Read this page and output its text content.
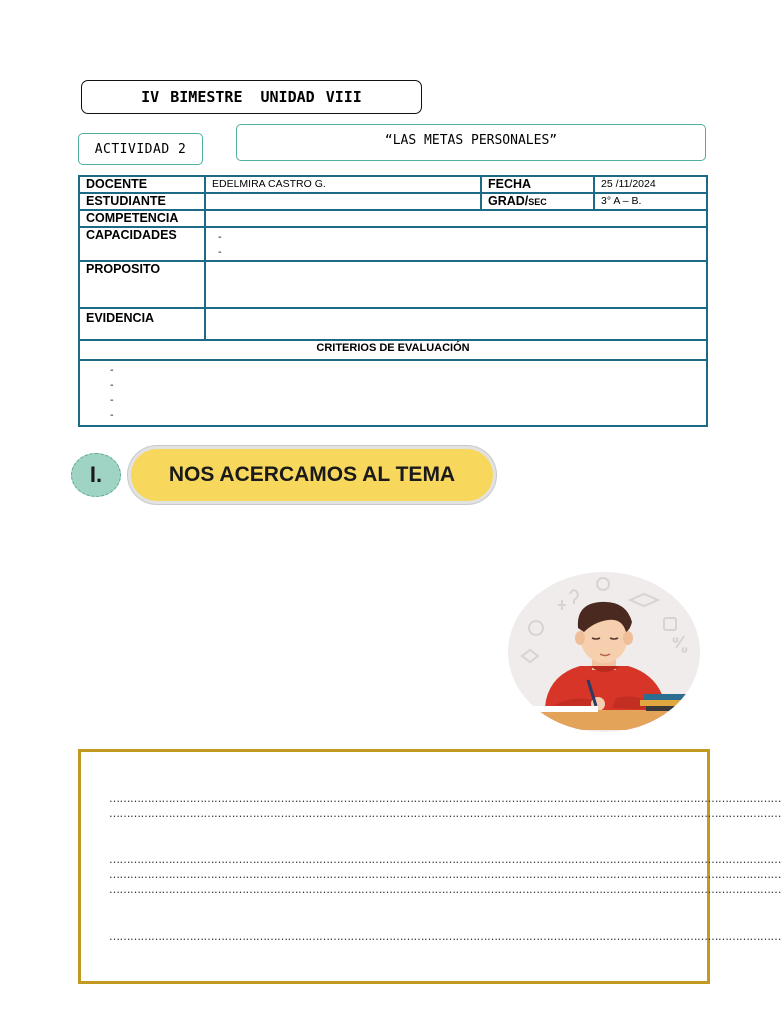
IV BIMESTRE UNIDAD VIII
ACTIVIDAD 2
“LAS METAS PERSONALES”
DOCENTE	EDELMIRA CASTRO G.	FECHA	25 /11/2024
ESTUDIANTE		GRAD/SEC	3° A – B.
COMPETENCIA			
CAPACIDADES	-
-		

PROPOSITO			
EVIDENCIA			
CRITERIOS DE EVALUACIÓN			

-
-
-
-			
I.	NOS ACERCAMOS AL TEMA
…………………………………………………………………………………………………………………………………………………………………………
…………………………………………………………………………………………………………………………………………………………………………
…………………………………………………………………………………………………………………………………………………………………………
…………………………………………………………………………………………………………………………………………………………………………
…………………………………………………………………………………………………………………………………………………………………………
…………………………………………………………………………………………………………………………………………………………………………
